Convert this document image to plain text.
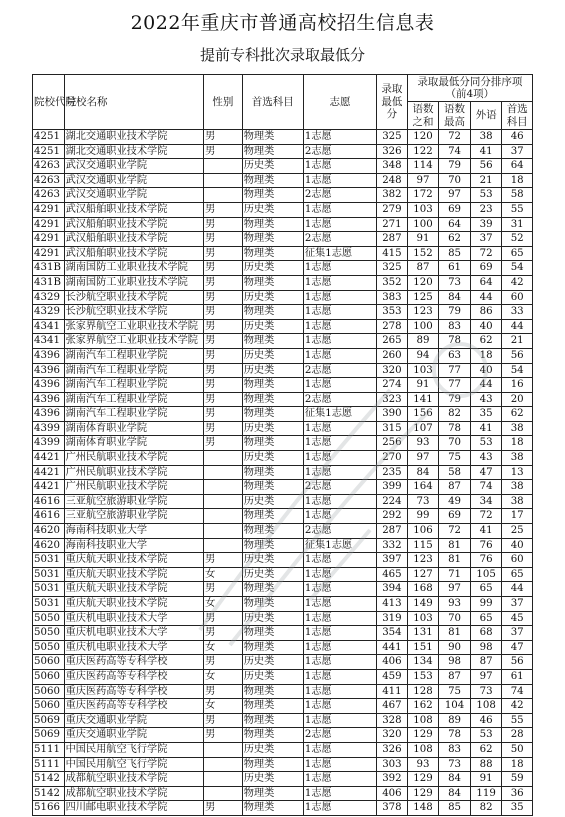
2022年重庆市普通高校招生信息表
提前专科批次录取最低分
院校代号	院校名称	性别	首选科目	志愿	录取最低分	录取最低分同分排序项（前4项）			
						语数之和	语数最高	外语	首选科目
4251	湖北交通职业技术学院	男	物理类	1志愿	325	120	72	38	46
4251	湖北交通职业技术学院	男	物理类	2志愿	326	122	74	41	37
4263	武汉交通职业学院		历史类	1志愿	348	114	79	56	64
4263	武汉交通职业学院		物理类	1志愿	248	97	70	21	18
4263	武汉交通职业学院		物理类	2志愿	382	172	97	53	58
4291	武汉船舶职业技术学院	男	历史类	1志愿	279	103	69	23	55
4291	武汉船舶职业技术学院	男	物理类	1志愿	271	100	64	39	31
4291	武汉船舶职业技术学院	男	物理类	2志愿	287	91	62	37	52
4291	武汉船舶职业技术学院	男	物理类	征集1志愿	415	152	85	72	65
431B	湖南国防工业职业技术学院	男	历史类	1志愿	325	87	61	69	54
431B	湖南国防工业职业技术学院	男	物理类	1志愿	352	120	73	64	42
4329	长沙航空职业技术学院	男	历史类	1志愿	383	125	84	44	60
4329	长沙航空职业技术学院	男	物理类	1志愿	353	123	79	86	33
4341	张家界航空工业职业技术学院	男	历史类	1志愿	278	100	83	40	44
4341	张家界航空工业职业技术学院	男	物理类	1志愿	265	89	78	62	21
4396	湖南汽车工程职业学院	男	历史类	1志愿	260	94	63	18	56
4396	湖南汽车工程职业学院	男	历史类	2志愿	320	103	77	40	54
4396	湖南汽车工程职业学院	男	物理类	1志愿	274	91	77	44	16
4396	湖南汽车工程职业学院	男	物理类	2志愿	323	141	79	43	20
4396	湖南汽车工程职业学院	男	物理类	征集1志愿	390	156	82	35	62
4399	湖南体育职业学院	男	历史类	1志愿	315	107	78	41	38
4399	湖南体育职业学院	男	物理类	1志愿	256	93	70	53	18
4421	广州民航职业技术学院		历史类	1志愿	270	97	75	43	38
4421	广州民航职业技术学院		物理类	1志愿	235	84	58	47	13
4421	广州民航职业技术学院		物理类	2志愿	399	164	87	74	38
4616	三亚航空旅游职业学院		历史类	1志愿	224	73	49	34	38
4616	三亚航空旅游职业学院		物理类	1志愿	292	99	69	72	17
4620	海南科技职业大学		物理类	2志愿	287	106	72	41	25
4620	海南科技职业大学		物理类	征集1志愿	332	115	81	76	40
5031	重庆航天职业技术学院	男	历史类	1志愿	397	123	81	76	60
5031	重庆航天职业技术学院	女	历史类	1志愿	465	127	71	105	65
5031	重庆航天职业技术学院	男	物理类	1志愿	394	168	97	65	44
5031	重庆航天职业技术学院	女	物理类	1志愿	413	149	93	99	37
5050	重庆机电职业技术大学	男	历史类	1志愿	319	103	70	65	45
5050	重庆机电职业技术大学	男	物理类	1志愿	354	131	81	68	37
5050	重庆机电职业技术大学	女	物理类	1志愿	441	151	90	98	47
5060	重庆医药高等专科学校	男	历史类	1志愿	406	134	98	87	56
5060	重庆医药高等专科学校	女	历史类	1志愿	459	153	87	97	61
5060	重庆医药高等专科学校	男	物理类	1志愿	411	128	75	73	74
5060	重庆医药高等专科学校	女	物理类	1志愿	467	162	104	108	42
5069	重庆交通职业学院	男	物理类	1志愿	328	108	89	46	55
5069	重庆交通职业学院	男	物理类	2志愿	320	129	78	53	28
5111	中国民用航空飞行学院		历史类	1志愿	326	108	83	62	50
5111	中国民用航空飞行学院		物理类	1志愿	303	93	73	88	18
5142	成都航空职业技术学院		历史类	1志愿	392	129	84	91	59
5142	成都航空职业技术学院		物理类	1志愿	406	129	84	119	36
5166	四川邮电职业技术学院	男	物理类	1志愿	378	148	85	82	35
